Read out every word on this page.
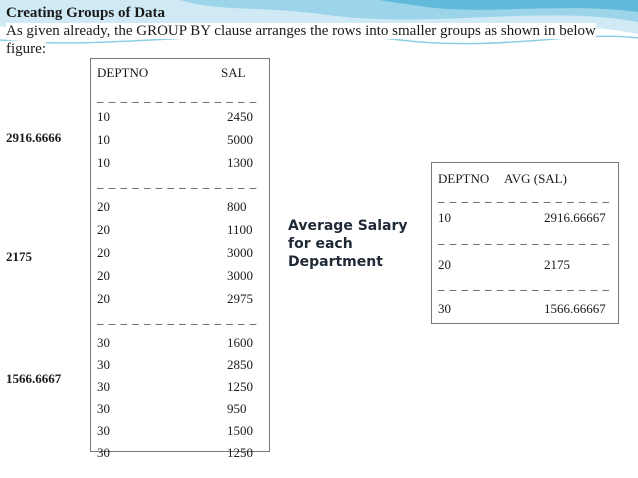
Creating Groups of Data

As given already, the GROUP BY clause arranges the rows into smaller groups as shown in below figure:

2916.6666
2175
1566.6667
DEPTNO	SAL
_ _ _ _ _ _ _ _ _ _ _ _ _ _
10	2450
10	5000
10	1300
_ _ _ _ _ _ _ _ _ _ _ _ _ _
20	800
20	1100
20	3000
20	3000
20	2975
_ _ _ _ _ _ _ _ _ _ _ _ _ _
30	1600
30	2850
30	1250
30	950
30	1500
30	1250
Average Salary
for each
Department
DEPTNO AVG (SAL)
_ _ _ _ _ _ _ _ _ _ _ _ _ _ _
10	2916.66667
_ _ _ _ _ _ _ _ _ _ _ _ _ _ _
20	2175
_ _ _ _ _ _ _ _ _ _ _ _ _ _ _
30	1566.66667
